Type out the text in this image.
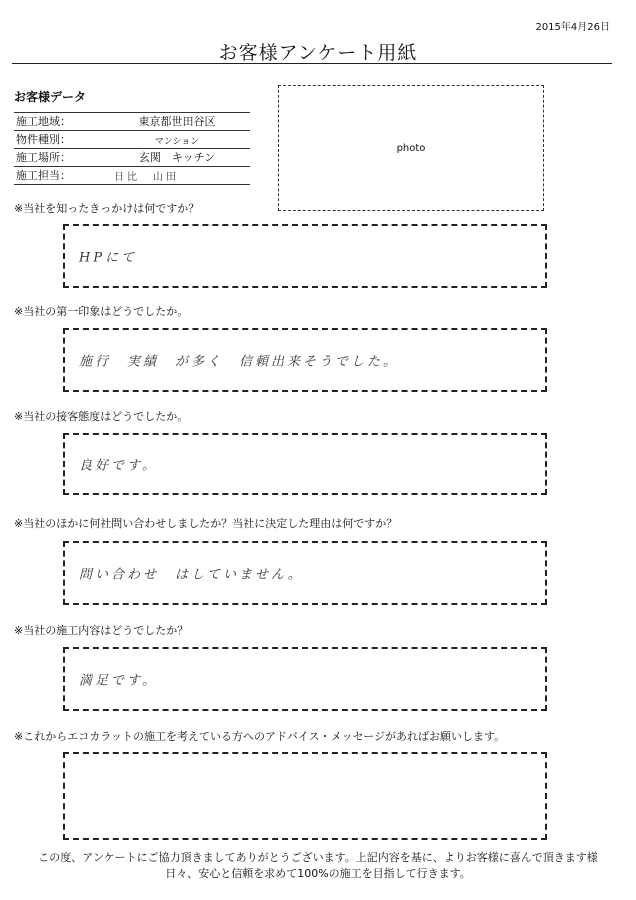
2015年4月26日
お客様アンケート用紙
お客様データ
施工地域：	東京都世田谷区
物件種別：	マンション
施工場所：	玄関　キッチン
施工担当：	日比　山田
photo
※当社を知ったきっかけは何ですか？
HPにて
※当社の第一印象はどうでしたか。
施行　実績　が多く　信頼出来そうでした。
※当社の接客態度はどうでしたか。
良好です。
※当社のほかに何社問い合わせしましたか？当社に決定した理由は何ですか？
問い合わせ　はしていません。
※当社の施工内容はどうでしたか？
満足です。
※これからエコカラットの施工を考えている方へのアドバイス・メッセージがあればお願いします。
この度、アンケートにご協力頂きましてありがとうございます。上記内容を基に、よりお客様に喜んで頂きます様
日々、安心と信頼を求めて100%の施工を目指して行きます。
